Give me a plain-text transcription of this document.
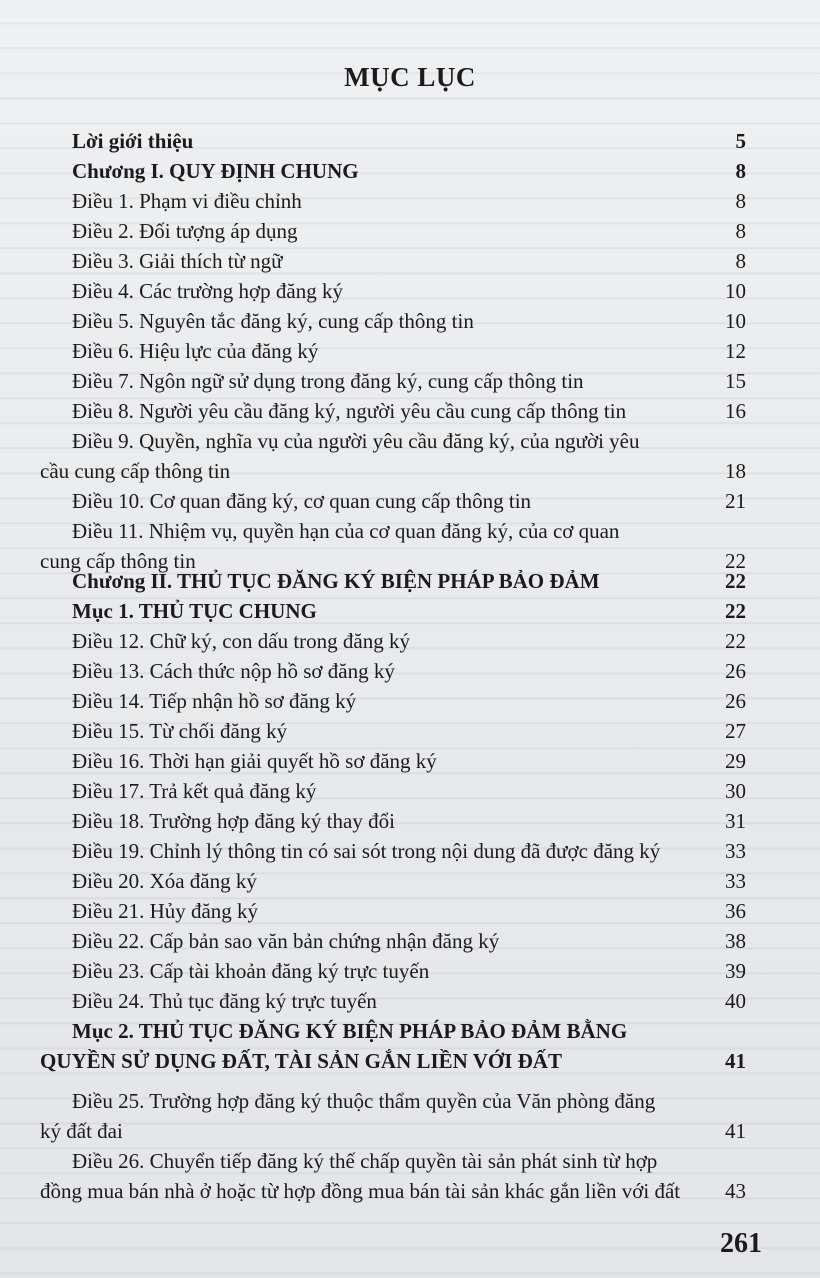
MỤC LỤC
Lời giới thiệu	5
Chương I. QUY ĐỊNH CHUNG	8
Điều 1. Phạm vi điều chỉnh	8
Điều 2. Đối tượng áp dụng	8
Điều 3. Giải thích từ ngữ	8
Điều 4. Các trường hợp đăng ký	10
Điều 5. Nguyên tắc đăng ký, cung cấp thông tin	10
Điều 6. Hiệu lực của đăng ký	12
Điều 7. Ngôn ngữ sử dụng trong đăng ký, cung cấp thông tin	15
Điều 8. Người yêu cầu đăng ký, người yêu cầu cung cấp thông tin	16
Điều 9. Quyền, nghĩa vụ của người yêu cầu đăng ký, của người yêu
cầu cung cấp thông tin	18
Điều 10. Cơ quan đăng ký, cơ quan cung cấp thông tin	21
Điều 11. Nhiệm vụ, quyền hạn của cơ quan đăng ký, của cơ quan
cung cấp thông tin	22
Chương II. THỦ TỤC ĐĂNG KÝ BIỆN PHÁP BẢO ĐẢM	22
Mục 1. THỦ TỤC CHUNG	22
Điều 12. Chữ ký, con dấu trong đăng ký	22
Điều 13. Cách thức nộp hồ sơ đăng ký	26
Điều 14. Tiếp nhận hồ sơ đăng ký	26
Điều 15. Từ chối đăng ký	27
Điều 16. Thời hạn giải quyết hồ sơ đăng ký	29
Điều 17. Trả kết quả đăng ký	30
Điều 18. Trường hợp đăng ký thay đổi	31
Điều 19. Chỉnh lý thông tin có sai sót trong nội dung đã được đăng ký	33
Điều 20. Xóa đăng ký	33
Điều 21. Hủy đăng ký	36
Điều 22. Cấp bản sao văn bản chứng nhận đăng ký	38
Điều 23. Cấp tài khoản đăng ký trực tuyến	39
Điều 24. Thủ tục đăng ký trực tuyến	40
Mục 2. THỦ TỤC ĐĂNG KÝ BIỆN PHÁP BẢO ĐẢM BẰNG
QUYỀN SỬ DỤNG ĐẤT, TÀI SẢN GẮN LIỀN VỚI ĐẤT	41
Điều 25. Trường hợp đăng ký thuộc thẩm quyền của Văn phòng đăng
ký đất đai	41
Điều 26. Chuyển tiếp đăng ký thế chấp quyền tài sản phát sinh từ hợp
đồng mua bán nhà ở hoặc từ hợp đồng mua bán tài sản khác gắn liền với đất	43
261
